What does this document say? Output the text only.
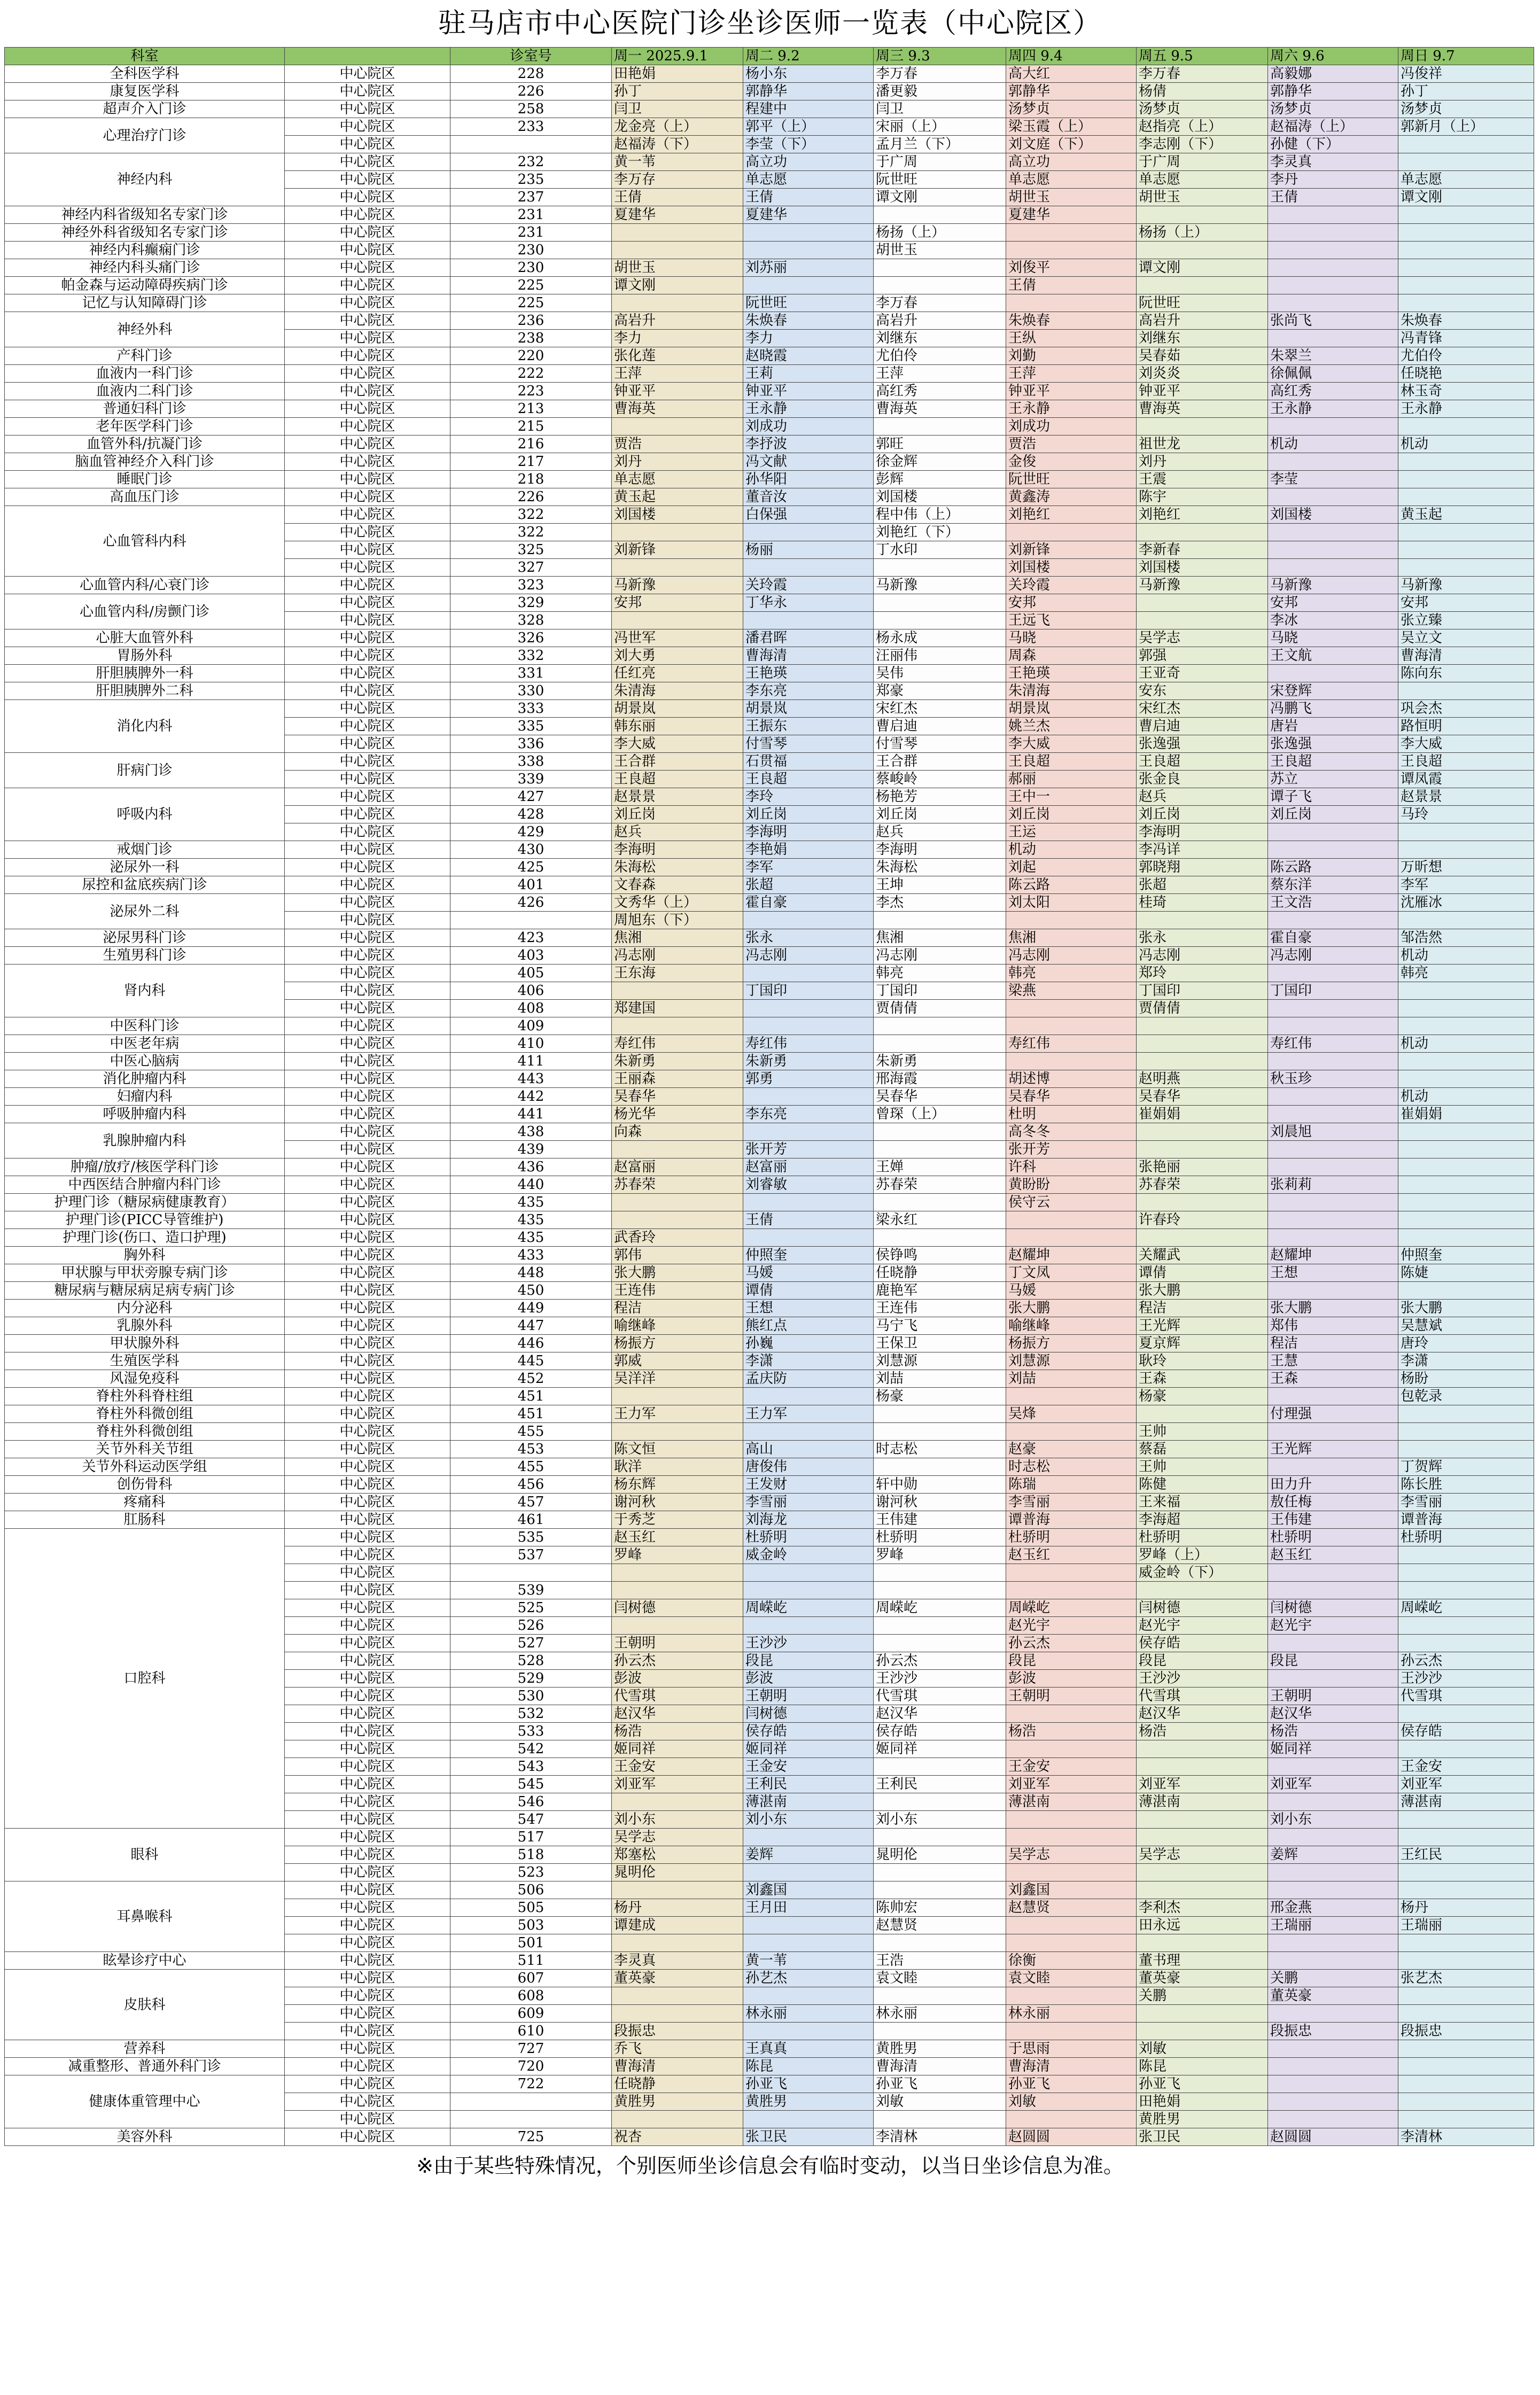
驻马店市中心医院门诊坐诊医师一览表（中心院区）
科室		诊室号	周一 2025.9.1	周二 9.2	周三 9.3	周四 9.4	周五 9.5	周六 9.6	周日 9.7
全科医学科	中心院区	228	田艳娟	杨小东	李万春	高大红	李万春	高毅娜	冯俊祥
康复医学科	中心院区	226	孙丁	郭静华	潘更毅	郭静华	杨倩	郭静华	孙丁
超声介入门诊	中心院区	258	闫卫	程建中	闫卫	汤梦贞	汤梦贞	汤梦贞	汤梦贞
心理治疗门诊	中心院区	233	龙金亮（上）	郭平（上）	宋丽（上）	梁玉霞（上）	赵指亮（上）	赵福涛（上）	郭新月（上）
	中心院区		赵福涛（下）	李莹（下）	孟月兰（下）	刘文庭（下）	李志刚（下）	孙健（下）	
神经内科	中心院区	232	黄一苇	高立功	于广周	高立功	于广周	李灵真	
	中心院区	235	李万存	单志愿	阮世旺	单志愿	单志愿	李丹	单志愿
	中心院区	237	王倩	王倩	谭文刚	胡世玉	胡世玉	王倩	谭文刚
神经内科省级知名专家门诊	中心院区	231	夏建华	夏建华		夏建华			
神经外科省级知名专家门诊	中心院区	231			杨扬（上）		杨扬（上）		
神经内科癫痫门诊	中心院区	230			胡世玉				
神经内科头痛门诊	中心院区	230	胡世玉	刘苏丽		刘俊平	谭文刚		
帕金森与运动障碍疾病门诊	中心院区	225	谭文刚			王倩			
记忆与认知障碍门诊	中心院区	225		阮世旺	李万春		阮世旺		
神经外科	中心院区	236	高岩升	朱焕春	高岩升	朱焕春	高岩升	张尚飞	朱焕春
	中心院区	238	李力	李力	刘继东	王纵	刘继东		冯青锋
产科门诊	中心院区	220	张化莲	赵晓霞	尤伯伶	刘勤	吴春茹	朱翠兰	尤伯伶
血液内一科门诊	中心院区	222	王萍	王莉	王萍	王萍	刘炎炎	徐佩佩	任晓艳
血液内二科门诊	中心院区	223	钟亚平	钟亚平	高红秀	钟亚平	钟亚平	高红秀	林玉奇
普通妇科门诊	中心院区	213	曹海英	王永静	曹海英	王永静	曹海英	王永静	王永静
老年医学科门诊	中心院区	215		刘成功		刘成功			
血管外科/抗凝门诊	中心院区	216	贾浩	李抒波	郭旺	贾浩	祖世龙	机动	机动
脑血管神经介入科门诊	中心院区	217	刘丹	冯文献	徐金辉	金俊	刘丹		
睡眠门诊	中心院区	218	单志愿	孙华阳	彭辉	阮世旺	王震	李莹	
高血压门诊	中心院区	226	黄玉起	董音汝	刘国楼	黄鑫涛	陈宇		
心血管科内科	中心院区	322	刘国楼	白保强	程中伟（上）	刘艳红	刘艳红	刘国楼	黄玉起
	中心院区	322			刘艳红（下）				
	中心院区	325	刘新锋	杨丽	丁水印	刘新锋	李新春		
	中心院区	327				刘国楼	刘国楼		
心血管内科/心衰门诊	中心院区	323	马新豫	关玲霞	马新豫	关玲霞	马新豫	马新豫	马新豫
心血管内科/房颤门诊	中心院区	329	安邦	丁华永		安邦		安邦	安邦
	中心院区	328				王远飞		李冰	张立臻
心脏大血管外科	中心院区	326	冯世军	潘君晖	杨永成	马晓	吴学志	马晓	吴立文
胃肠外科	中心院区	332	刘大勇	曹海清	汪丽伟	周森	郭强	王文航	曹海清
肝胆胰脾外一科	中心院区	331	任红亮	王艳瑛	吴伟	王艳瑛	王亚奇		陈向东
肝胆胰脾外二科	中心院区	330	朱清海	李东亮	郑豪	朱清海	安东	宋登辉	
消化内科	中心院区	333	胡景岚	胡景岚	宋红杰	胡景岚	宋红杰	冯鹏飞	巩会杰
	中心院区	335	韩东丽	王振东	曹启迪	姚兰杰	曹启迪	唐岩	路恒明
	中心院区	336	李大威	付雪琴	付雪琴	李大威	张逸强	张逸强	李大威
肝病门诊	中心院区	338	王合群	石贯福	王合群	王良超	王良超	王良超	王良超
	中心院区	339	王良超	王良超	蔡峻岭	郝丽	张金良	苏立	谭凤霞
呼吸内科	中心院区	427	赵景景	李玲	杨艳芳	王中一	赵兵	谭子飞	赵景景
	中心院区	428	刘丘岗	刘丘岗	刘丘岗	刘丘岗	刘丘岗	刘丘岗	马玲
	中心院区	429	赵兵	李海明	赵兵	王运	李海明		
戒烟门诊	中心院区	430	李海明	李艳娟	李海明	机动	李冯详		
泌尿外一科	中心院区	425	朱海松	李军	朱海松	刘起	郭晓翔	陈云路	万昕想
尿控和盆底疾病门诊	中心院区	401	文春森	张超	王坤	陈云路	张超	蔡东洋	李军
泌尿外二科	中心院区	426	文秀华（上）	霍自豪	李杰	刘太阳	桂琦	王文浩	沈雁冰
	中心院区		周旭东（下）						
泌尿男科门诊	中心院区	423	焦湘	张永	焦湘	焦湘	张永	霍自豪	邹浩然
生殖男科门诊	中心院区	403	冯志刚	冯志刚	冯志刚	冯志刚	冯志刚	冯志刚	机动
肾内科	中心院区	405	王东海		韩亮	韩亮	郑玲		韩亮
	中心院区	406		丁国印	丁国印	梁燕	丁国印	丁国印	
	中心院区	408	郑建国		贾倩倩		贾倩倩		
中医科门诊	中心院区	409							
中医老年病	中心院区	410	寿红伟	寿红伟		寿红伟		寿红伟	机动
中医心脑病	中心院区	411	朱新勇	朱新勇	朱新勇				
消化肿瘤内科	中心院区	443	王丽森	郭勇	邢海霞	胡述博	赵明燕	秋玉珍	
妇瘤内科	中心院区	442	吴春华		吴春华	吴春华	吴春华		机动
呼吸肿瘤内科	中心院区	441	杨光华	李东亮	曾琛（上）	杜明	崔娟娟		崔娟娟
乳腺肿瘤内科	中心院区	438	向森			高冬冬		刘晨旭	
	中心院区	439		张开芳		张开芳			
肿瘤/放疗/核医学科门诊	中心院区	436	赵富丽	赵富丽	王婵	许科	张艳丽		
中西医结合肿瘤内科门诊	中心院区	440	苏春荣	刘睿敏	苏春荣	黄盼盼	苏春荣	张莉莉	
护理门诊（糖尿病健康教育）	中心院区	435				侯守云			
护理门诊(PICC导管维护)	中心院区	435		王倩	梁永红		许春玲		
护理门诊(伤口、造口护理)	中心院区	435	武香玲						
胸外科	中心院区	433	郭伟	仲照奎	侯铮鸣	赵耀坤	关耀武	赵耀坤	仲照奎
甲状腺与甲状旁腺专病门诊	中心院区	448	张大鹏	马媛	任晓静	丁文凤	谭倩	王想	陈婕
糖尿病与糖尿病足病专病门诊	中心院区	450	王连伟	谭倩	鹿艳军	马媛	张大鹏		
内分泌科	中心院区	449	程洁	王想	王连伟	张大鹏	程洁	张大鹏	张大鹏
乳腺外科	中心院区	447	喻继峰	熊红点	马宁飞	喻继峰	王光辉	郑伟	吴慧斌
甲状腺外科	中心院区	446	杨振方	孙巍	王保卫	杨振方	夏京辉	程洁	唐玲
生殖医学科	中心院区	445	郭威	李潇	刘慧源	刘慧源	耿玲	王慧	李潇
风湿免疫科	中心院区	452	吴洋洋	孟庆防	刘喆	刘喆	王森	王森	杨盼
脊柱外科脊柱组	中心院区	451			杨豪		杨豪		包乾录
脊柱外科微创组	中心院区	451	王力军	王力军		吴烽		付理强	
脊柱外科微创组	中心院区	455					王帅		
关节外科关节组	中心院区	453	陈文恒	高山	时志松	赵豪	蔡磊	王光辉	
关节外科运动医学组	中心院区	455	耿洋	唐俊伟		时志松	王帅		丁贺辉
创伤骨科	中心院区	456	杨东辉	王发财	轩中勋	陈瑞	陈健	田力升	陈长胜
疼痛科	中心院区	457	谢河秋	李雪丽	谢河秋	李雪丽	王来福	敖任梅	李雪丽
肛肠科	中心院区	461	于秀芝	刘海龙	王伟建	谭普海	李海超	王伟建	谭普海
口腔科	中心院区	535	赵玉红	杜骄明	杜骄明	杜骄明	杜骄明	杜骄明	杜骄明
	中心院区	537	罗峰	威金岭	罗峰	赵玉红	罗峰（上）	赵玉红	
	中心院区						威金岭（下）		
	中心院区	539							
	中心院区	525	闫树德	周嵘屹	周嵘屹	周嵘屹	闫树德	闫树德	周嵘屹
	中心院区	526				赵光宇	赵光宇	赵光宇	
	中心院区	527	王朝明	王沙沙		孙云杰	侯存皓		
	中心院区	528	孙云杰	段昆	孙云杰	段昆	段昆	段昆	孙云杰
	中心院区	529	彭波	彭波	王沙沙	彭波	王沙沙		王沙沙
	中心院区	530	代雪琪	王朝明	代雪琪	王朝明	代雪琪	王朝明	代雪琪
	中心院区	532	赵汉华	闫树德	赵汉华		赵汉华	赵汉华	
	中心院区	533	杨浩	侯存皓	侯存皓	杨浩	杨浩	杨浩	侯存皓
	中心院区	542	姬同祥	姬同祥	姬同祥			姬同祥	
	中心院区	543	王金安	王金安		王金安			王金安
	中心院区	545	刘亚军	王利民	王利民	刘亚军	刘亚军	刘亚军	刘亚军
	中心院区	546		薄湛南		薄湛南	薄湛南		薄湛南
	中心院区	547	刘小东	刘小东	刘小东			刘小东	
眼科	中心院区	517	吴学志						
	中心院区	518	郑塞松	姜辉	晁明伦	吴学志	吴学志	姜辉	王红民
	中心院区	523	晁明伦						
耳鼻喉科	中心院区	506		刘鑫国		刘鑫国			
	中心院区	505	杨丹	王月田	陈帅宏	赵慧贤	李利杰	邢金燕	杨丹
	中心院区	503	谭建成		赵慧贤		田永远	王瑞丽	王瑞丽
	中心院区	501							
眩晕诊疗中心	中心院区	511	李灵真	黄一苇	王浩	徐衡	董书理		
皮肤科	中心院区	607	董英豪	孙艺杰	袁文睦	袁文睦	董英豪	关鹏	张艺杰
	中心院区	608					关鹏	董英豪	
	中心院区	609		林永丽	林永丽	林永丽			
	中心院区	610	段振忠					段振忠	段振忠
营养科	中心院区	727	乔飞	王真真	黄胜男	于思雨	刘敏		
减重整形、普通外科门诊	中心院区	720	曹海清	陈昆	曹海清	曹海清	陈昆		
健康体重管理中心	中心院区	722	任晓静	孙亚飞	孙亚飞	孙亚飞	孙亚飞		
	中心院区		黄胜男	黄胜男	刘敏	刘敏	田艳娟		
	中心院区						黄胜男		
美容外科	中心院区	725	祝杏	张卫民	李清林	赵圆圆	张卫民	赵圆圆	李清林
※由于某些特殊情况，个别医师坐诊信息会有临时变动，以当日坐诊信息为准。
